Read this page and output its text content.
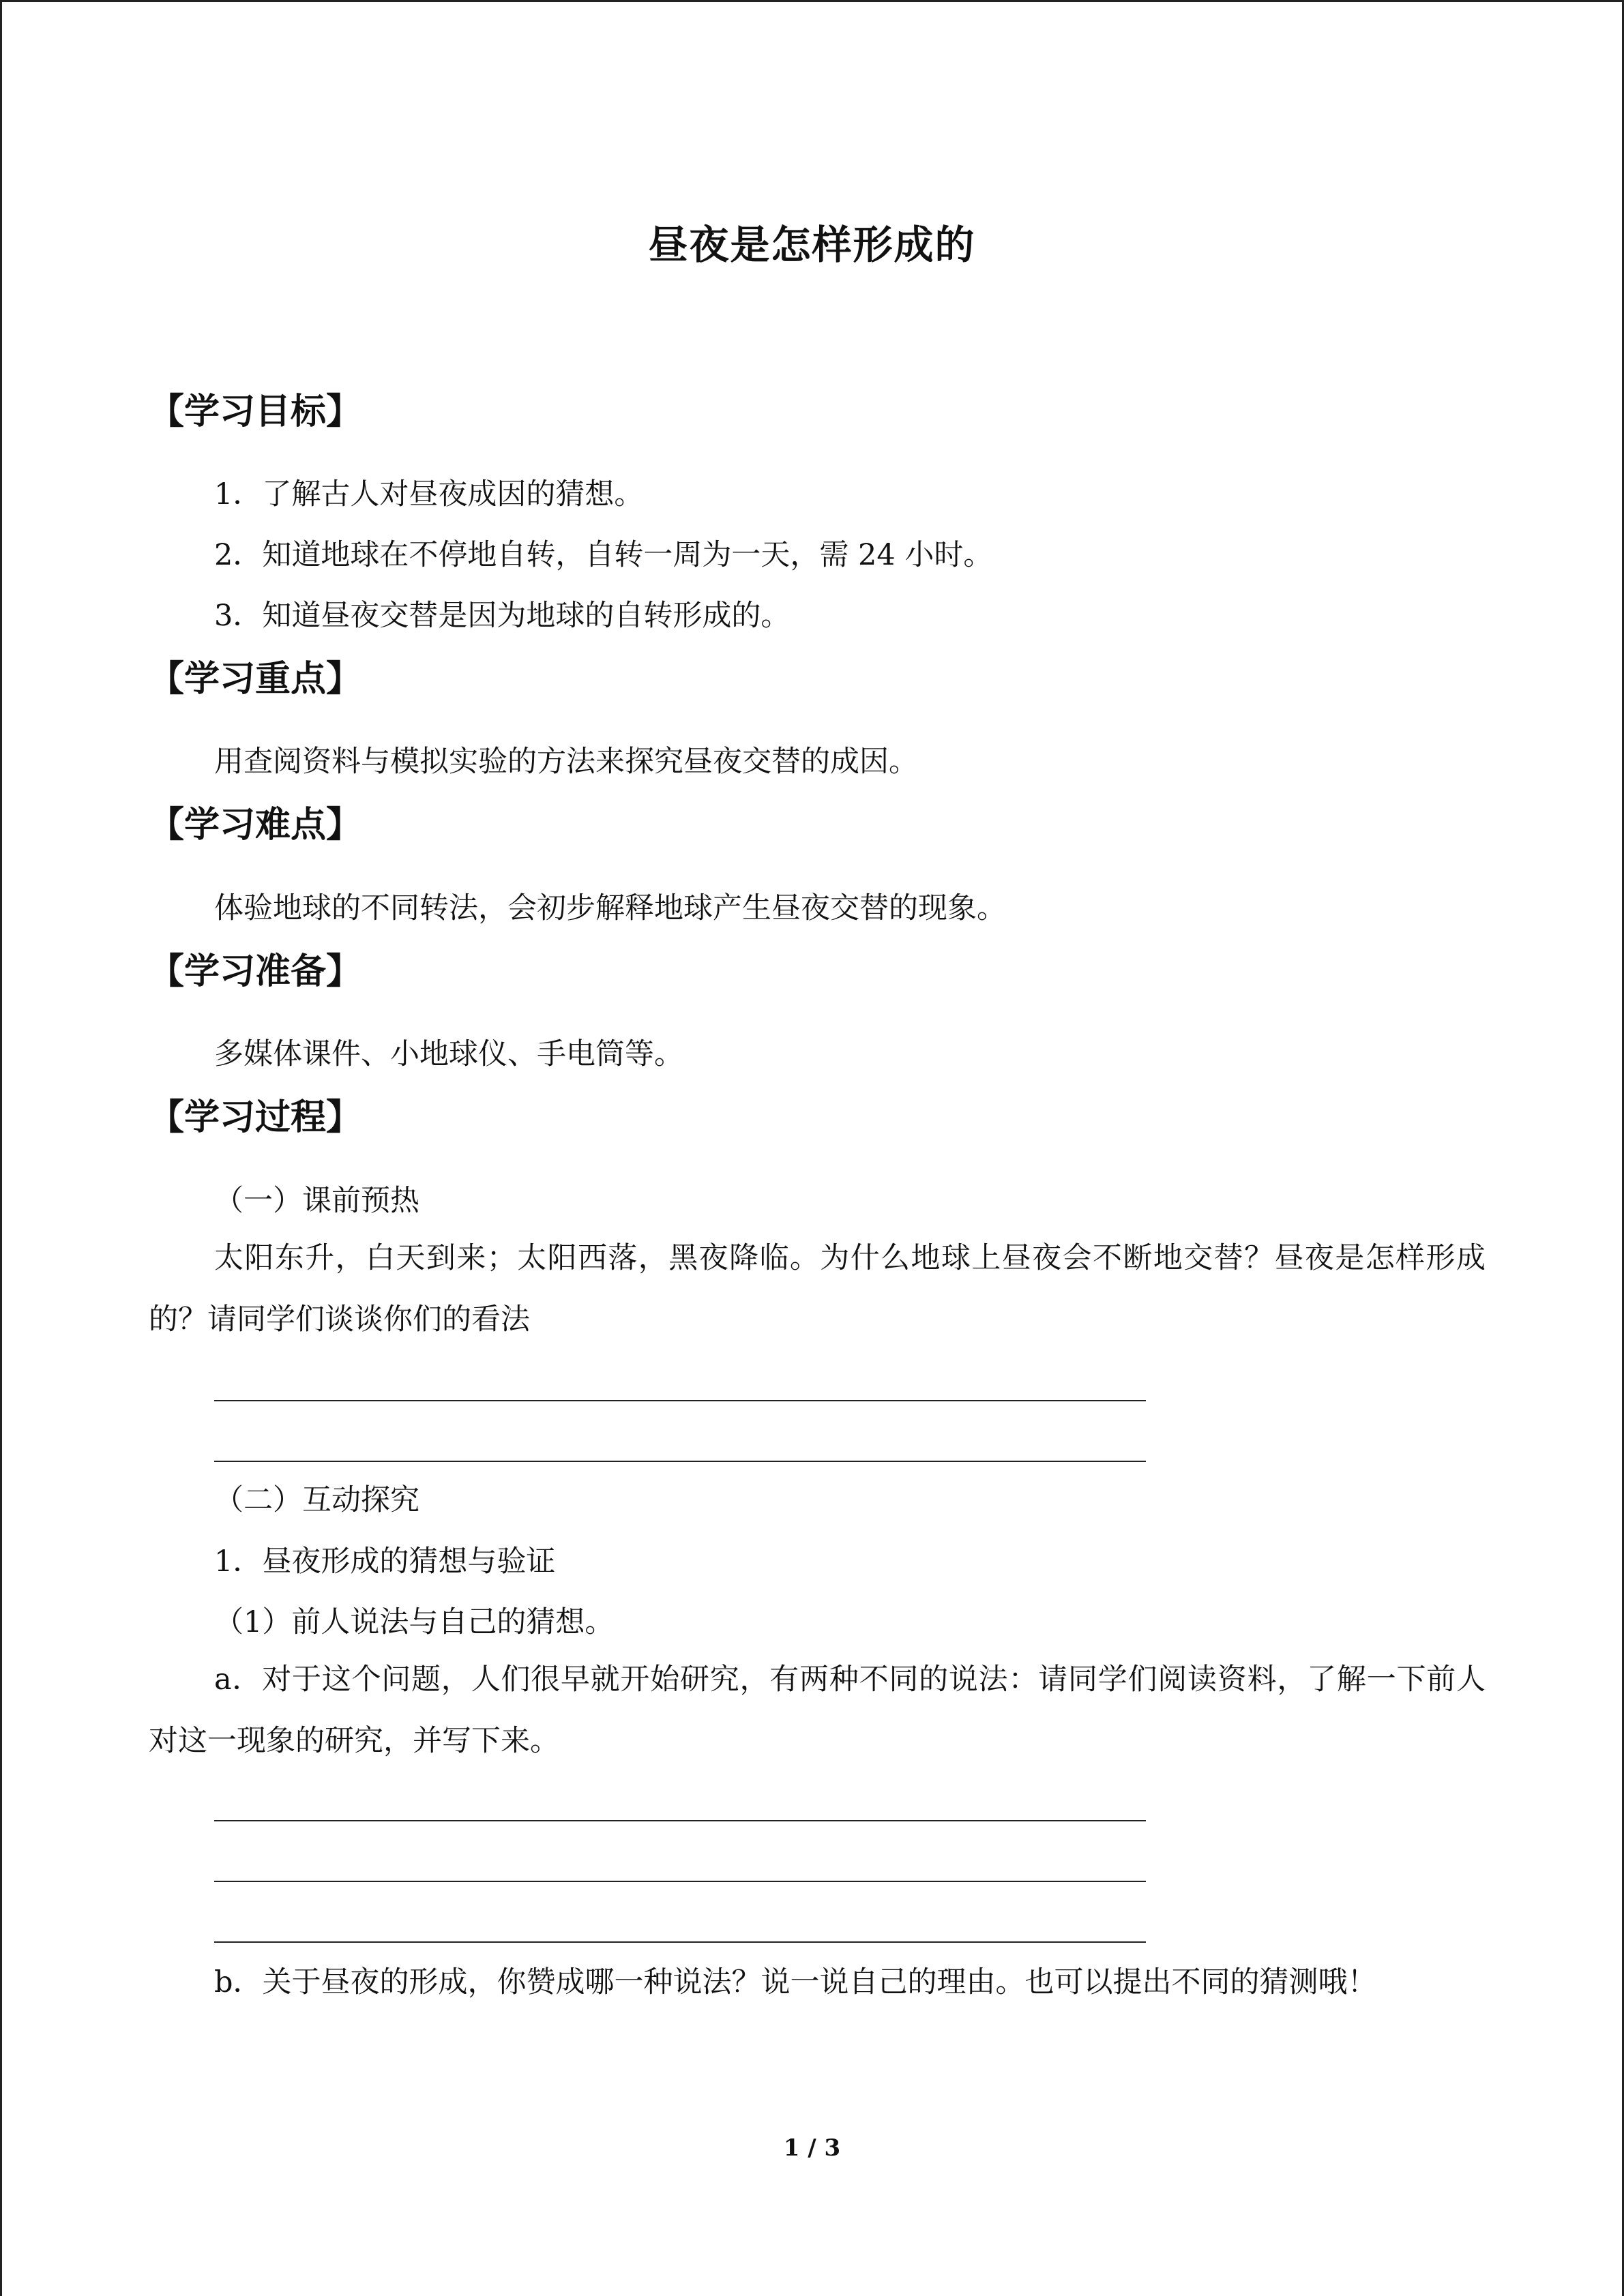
昼夜是怎样形成的
【学习目标】
1．了解古人对昼夜成因的猜想。
2．知道地球在不停地自转，自转一周为一天，需 24 小时。
3．知道昼夜交替是因为地球的自转形成的。
【学习重点】
用查阅资料与模拟实验的方法来探究昼夜交替的成因。
【学习难点】
体验地球的不同转法，会初步解释地球产生昼夜交替的现象。
【学习准备】
多媒体课件、小地球仪、手电筒等。
【学习过程】
（一）课前预热
太阳东升，白天到来；太阳西落，黑夜降临。为什么地球上昼夜会不断地交替？昼夜是怎样形成的？请同学们谈谈你们的看法
（二）互动探究
1．昼夜形成的猜想与验证
（1）前人说法与自己的猜想。
a．对于这个问题，人们很早就开始研究，有两种不同的说法：请同学们阅读资料，了解一下前人对这一现象的研究，并写下来。
b．关于昼夜的形成，你赞成哪一种说法？说一说自己的理由。也可以提出不同的猜测哦！
1 / 3
